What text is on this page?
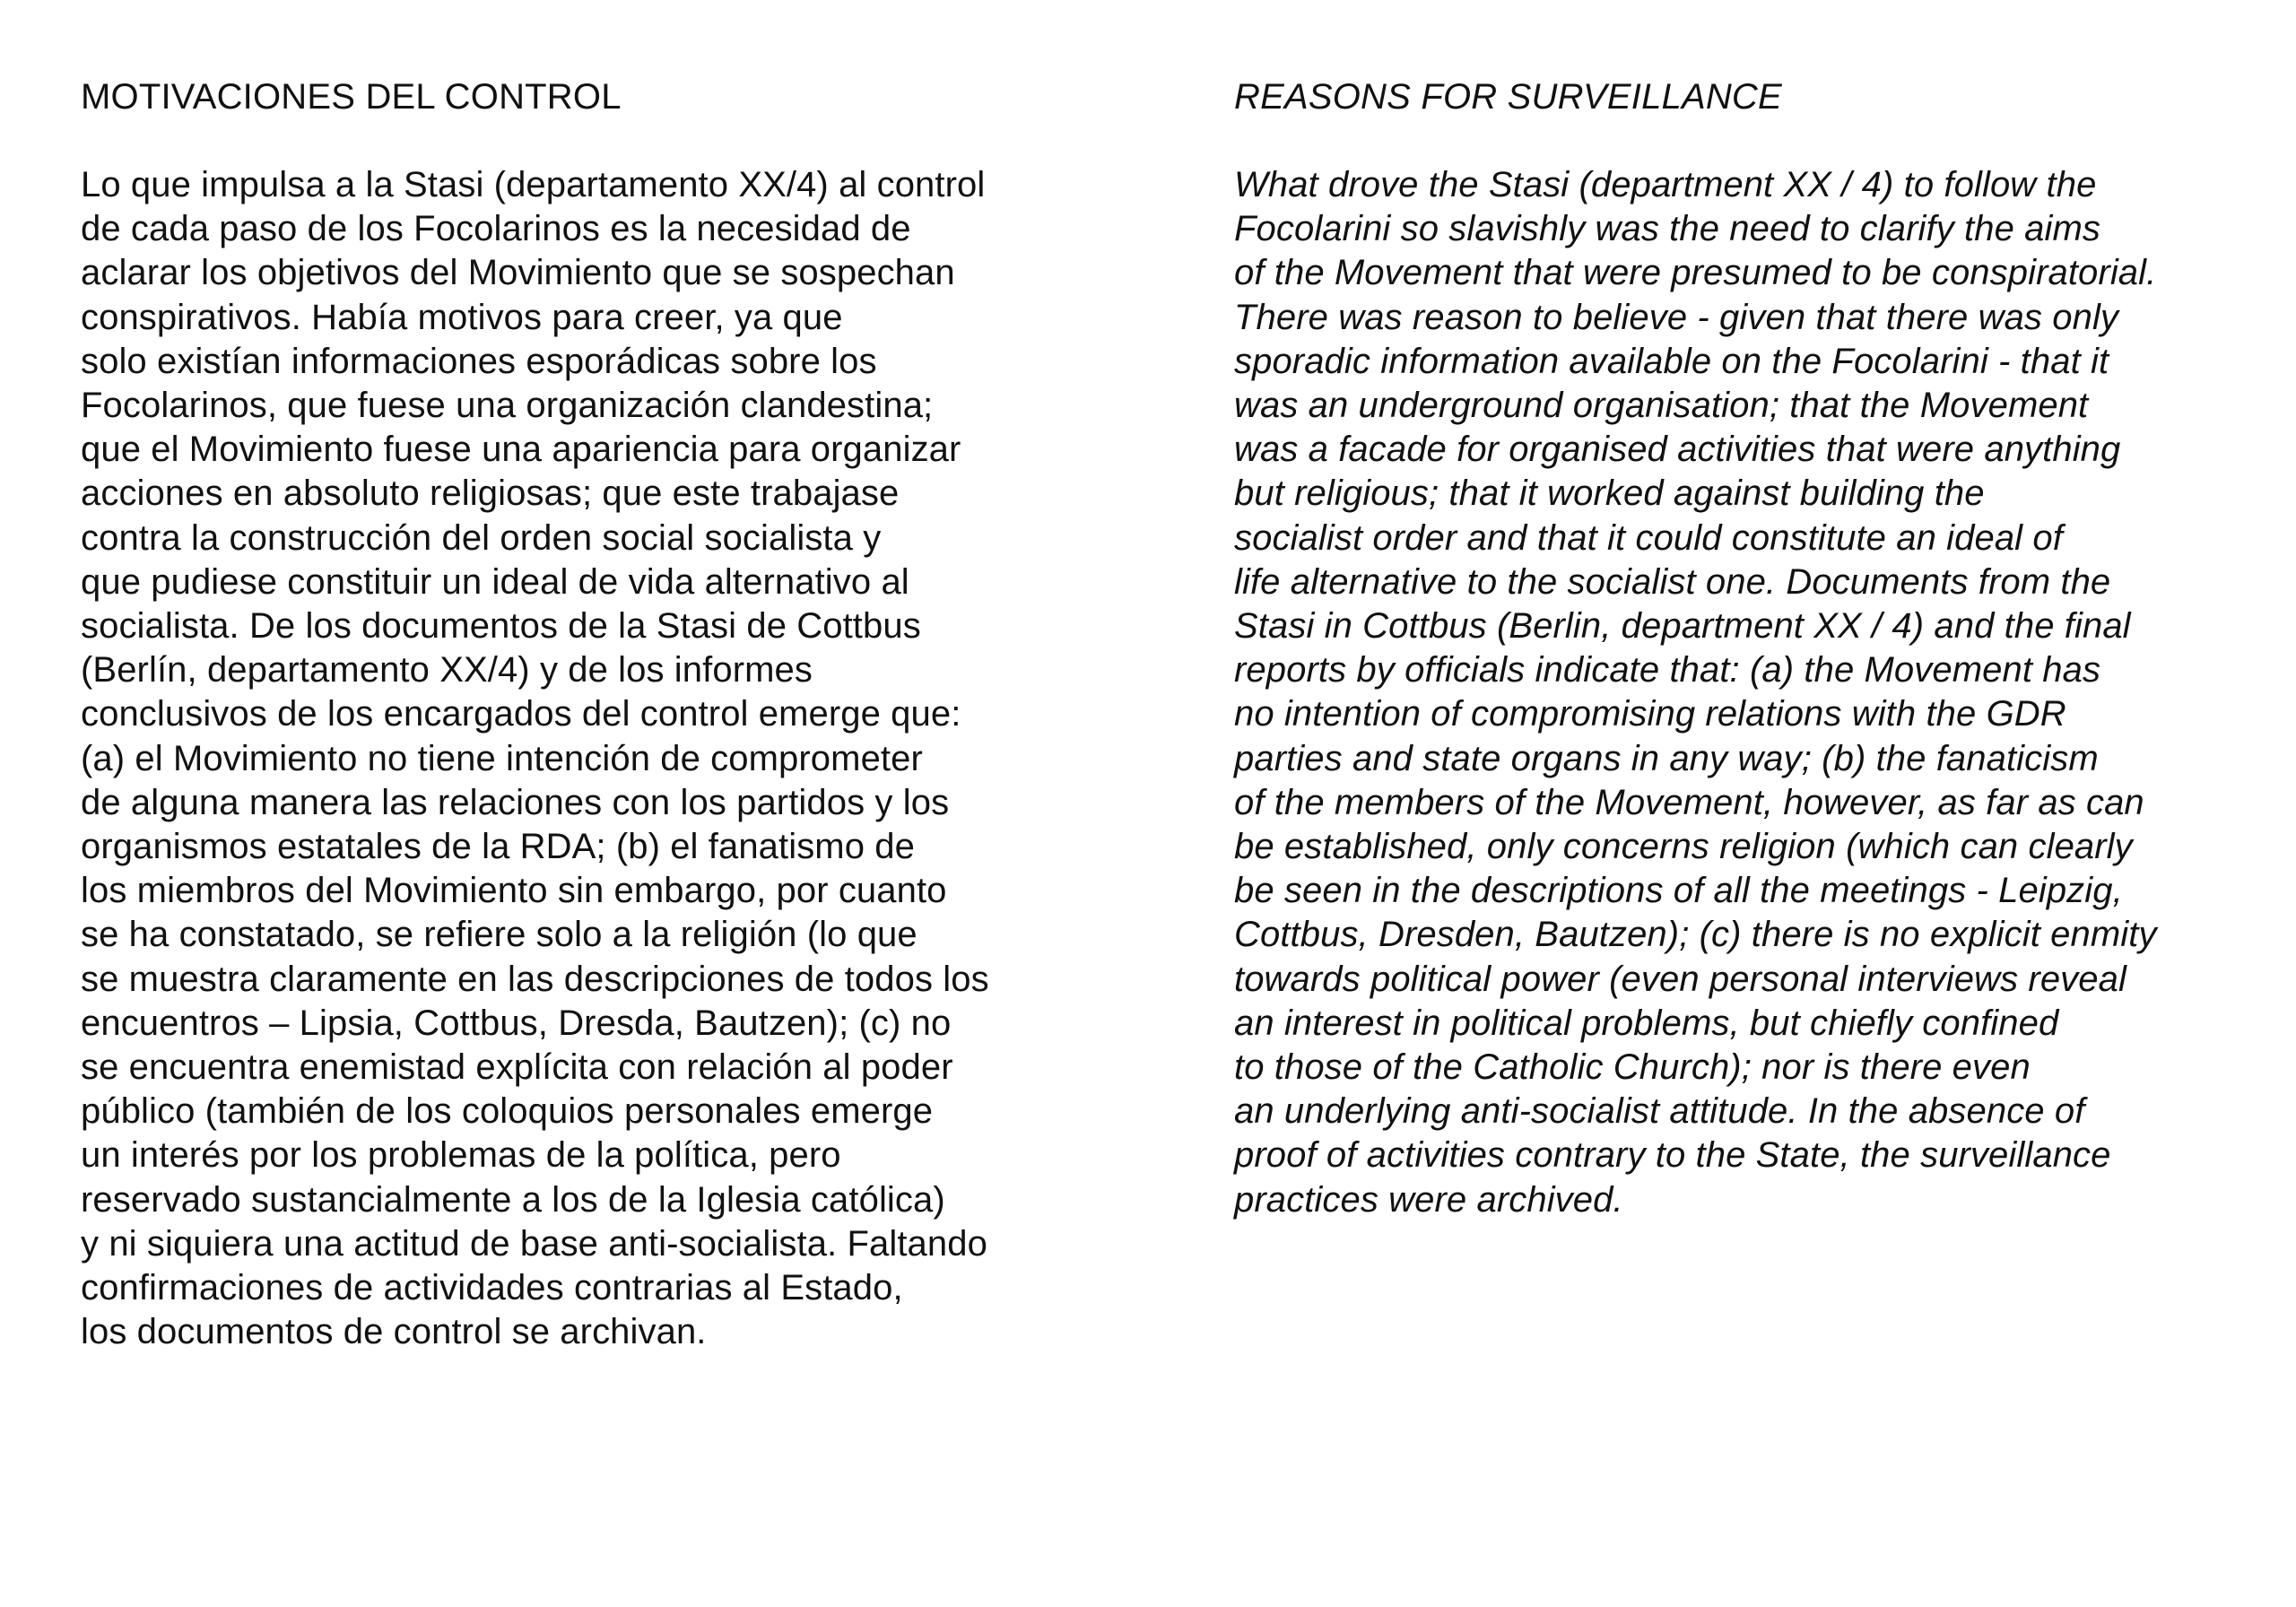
MOTIVACIONES DEL CONTROL
Lo que impulsa a la Stasi (departamento XX/4) al control
de cada paso de los Focolarinos es la necesidad de
aclarar los objetivos del Movimiento que se sospechan
conspirativos. Había motivos para creer, ya que
solo existían informaciones esporádicas sobre los
Focolarinos, que fuese una organización clandestina;
que el Movimiento fuese una apariencia para organizar
acciones en absoluto religiosas; que este trabajase
contra la construcción del orden social socialista y
que pudiese constituir un ideal de vida alternativo al
socialista. De los documentos de la Stasi de Cottbus
(Berlín, departamento XX/4) y de los informes
conclusivos de los encargados del control emerge que:
(a) el Movimiento no tiene intención de comprometer
de alguna manera las relaciones con los partidos y los
organismos estatales de la RDA; (b) el fanatismo de
los miembros del Movimiento sin embargo, por cuanto
se ha constatado, se refiere solo a la religión (lo que
se muestra claramente en las descripciones de todos los
encuentros – Lipsia, Cottbus, Dresda, Bautzen); (c) no
se encuentra enemistad explícita con relación al poder
público (también de los coloquios personales emerge
un interés por los problemas de la política, pero
reservado sustancialmente a los de la Iglesia católica)
y ni siquiera una actitud de base anti-socialista. Faltando
confirmaciones de actividades contrarias al Estado,
los documentos de control se archivan.
REASONS FOR SURVEILLANCE
What drove the Stasi (department XX / 4) to follow the
Focolarini so slavishly was the need to clarify the aims
of the Movement that were presumed to be conspiratorial.
There was reason to believe - given that there was only
sporadic information available on the Focolarini - that it
was an underground organisation; that the Movement
was a facade for organised activities that were anything
but religious; that it worked against building the
socialist order and that it could constitute an ideal of
life alternative to the socialist one. Documents from the
Stasi in Cottbus (Berlin, department XX / 4) and the final
reports by officials indicate that: (a) the Movement has
no intention of compromising relations with the GDR
parties and state organs in any way; (b) the fanaticism
of the members of the Movement, however, as far as can
be established, only concerns religion (which can clearly
be seen in the descriptions of all the meetings - Leipzig,
Cottbus, Dresden, Bautzen); (c) there is no explicit enmity
towards political power (even personal interviews reveal
an interest in political problems, but chiefly confined
to those of the Catholic Church); nor is there even
an underlying anti-socialist attitude. In the absence of
proof of activities contrary to the State, the surveillance
practices were archived.
